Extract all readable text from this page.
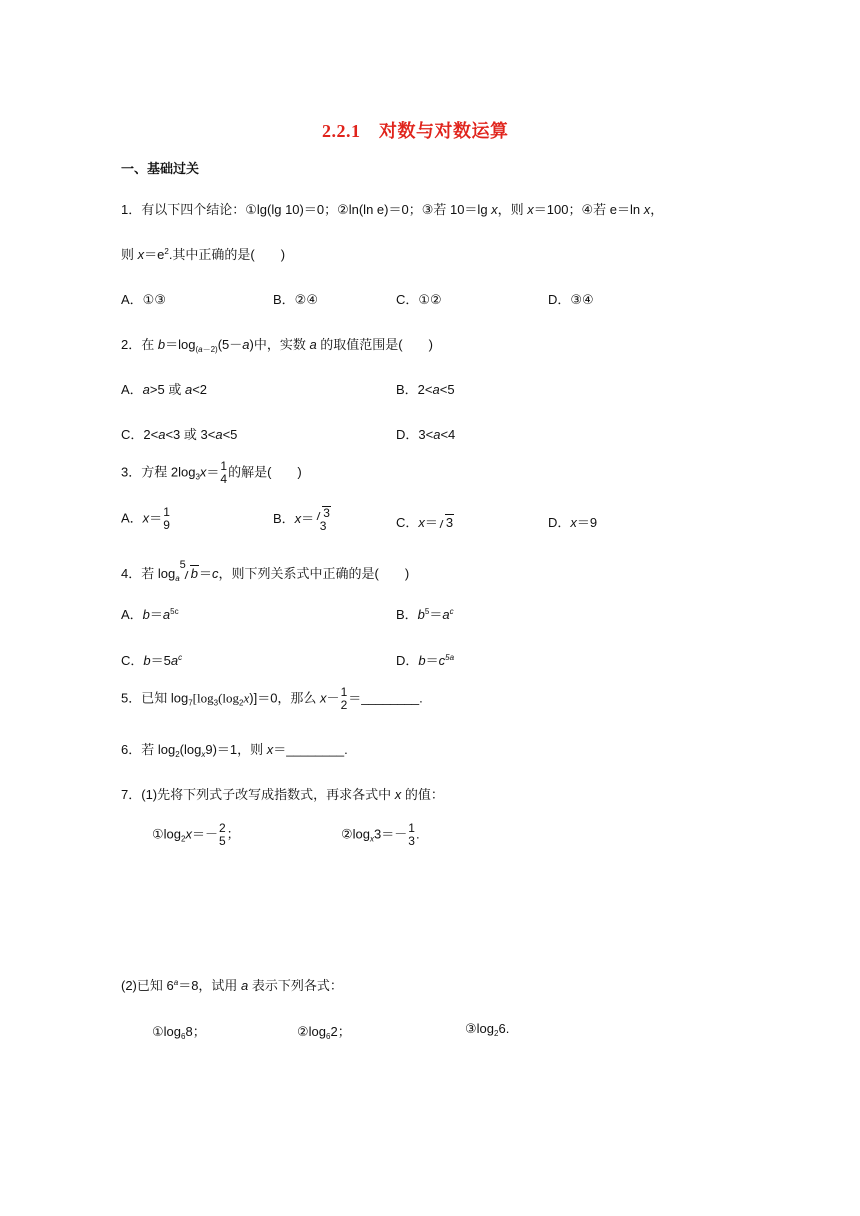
2.2.1　对数与对数运算
一、基础过关
1．有以下四个结论：①lg(lg 10)＝0；②ln(ln e)＝0；③若 10＝lg x，则 x＝100；④若 e＝ln x，
则 $x=e^2$.其中正确的是(　　)
A．①③	B．②④	C．①②	D．③④
2．在 $b=\log_{(a-2)}(5-a)$中，实数 a 的取值范围是(　　)
A．a>5 或 a<2	B．2<a<5
C．2<a<3 或 3<a<5	D．3<a<4
3．方程 $2\log_3x= 1$
4 的解是(　　)
A．x＝ 1
9	B．x＝ 3
3	C．x＝ 3	D．x＝9
4．若 $\log_a^5b=c$，则下列关系式中正确的是(　　)
A．$b=a^{5c}$	B．$b^5=a^c$
C．$b=5a^c$	D．$b=c^{5a}$
5．已知 $\log_7[\log_3(\log_2x)]=0$，那么 x－ 1
2 ＝________.
6．若 $\log_2(\log_x9)=1$，则 x＝________.
7．(1)先将下列式子改写成指数式，再求各式中 x 的值：
$①\log_2x=- 2$
5 ；	$②\log_x3=- 1$
3 .
(2)已知 $6^a=8$，试用 a 表示下列各式：
$①\log_68$；	$②\log_62$；	$③\log_26$.
